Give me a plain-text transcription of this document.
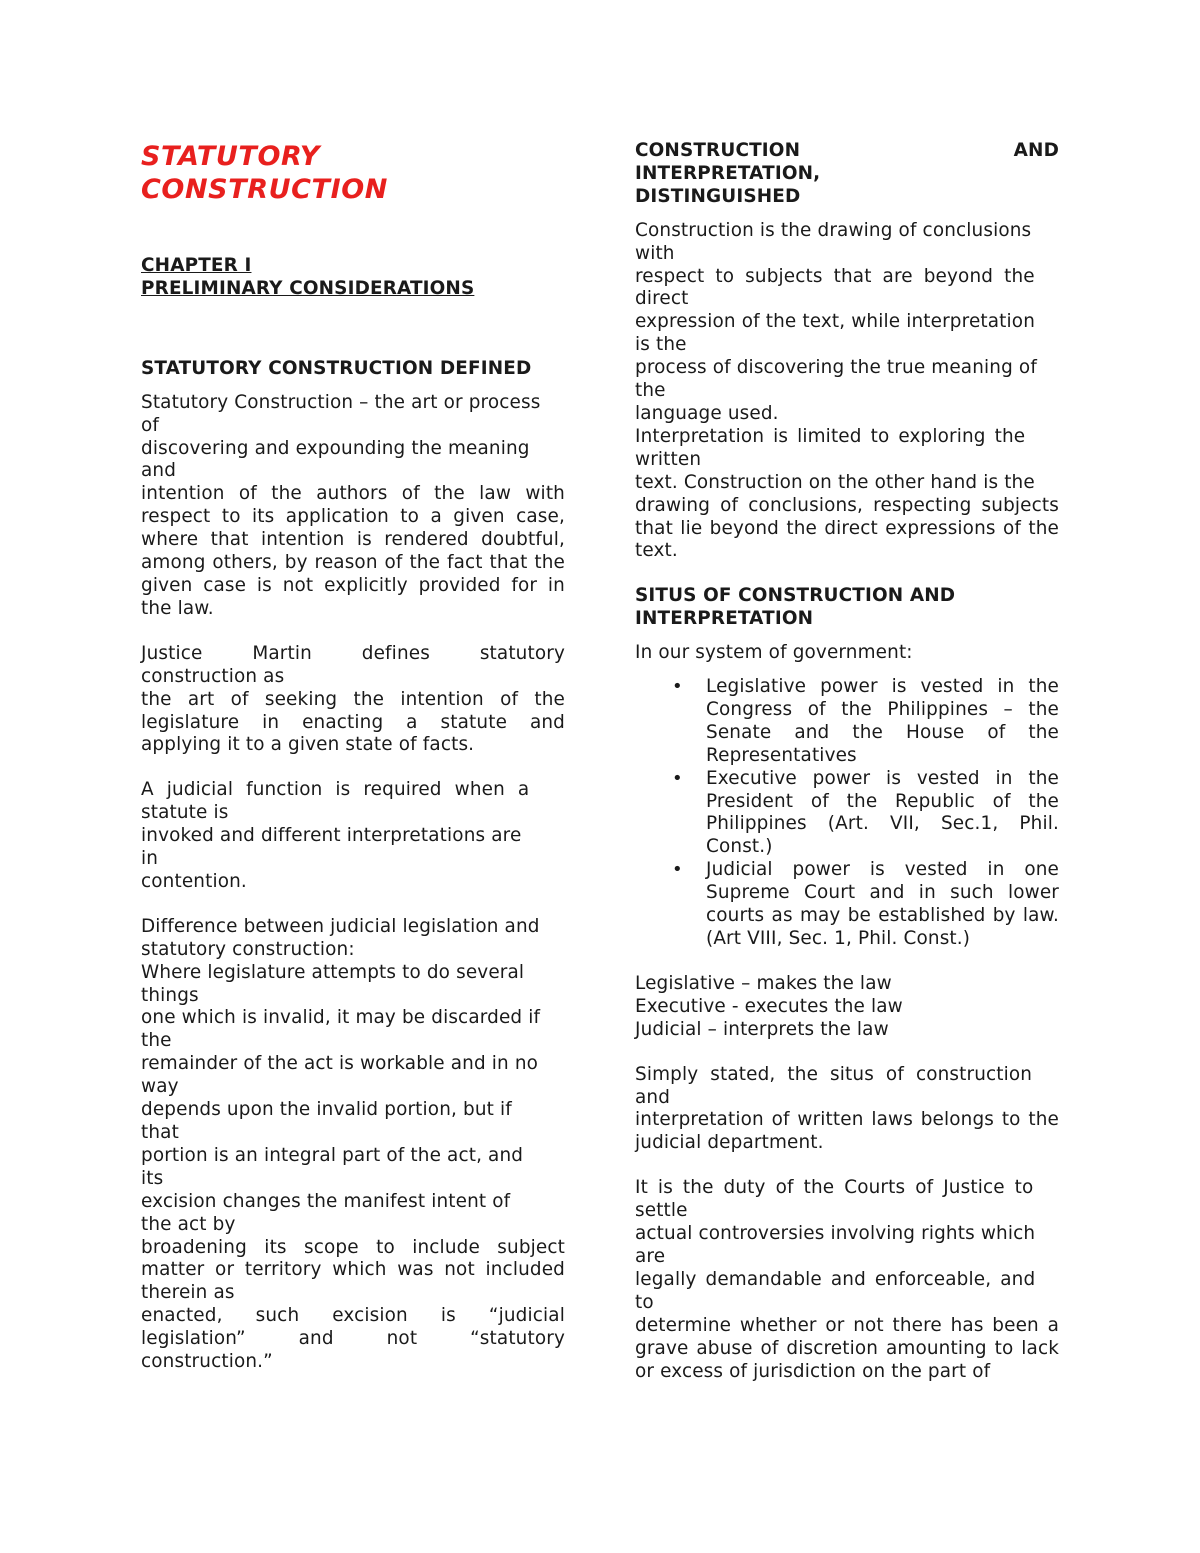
STATUTORY
CONSTRUCTION
CHAPTER I
PRELIMINARY CONSIDERATIONS
STATUTORY CONSTRUCTION DEFINED
Statutory Construction – the art or process
of
discovering and expounding the meaning
and
intention of the authors of the law with respect to its application to a given case, where that intention is rendered doubtful, among others, by reason of the fact that the given case is not explicitly provided for in the law.
Justice	Martin	defines	statutory
construction as
the art of seeking the intention of the legislature in enacting a statute and applying it to a given state of facts.
A judicial function is required when a
statute is
invoked and different interpretations are
in
contention.
Difference between judicial legislation and statutory construction:
Where legislature attempts to do several
things
one which is invalid, it may be discarded if
the
remainder of the act is workable and in no
way
depends upon the invalid portion, but if
that
portion is an integral part of the act, and
its
excision changes the manifest intent of
the act by
broadening its scope to include subject matter or territory which was not included therein as
enacted, such excision is “judicial
legislation”	and	not	“statutory
construction.”
CONSTRUCTION	AND
INTERPRETATION,
DISTINGUISHED
Construction is the drawing of conclusions
with
respect to subjects that are beyond the
direct
expression of the text, while interpretation
is the
process of discovering the true meaning of
the
language used.
Interpretation is limited to exploring the
written
text. Construction on the other hand is the
drawing of conclusions, respecting subjects that lie beyond the direct expressions of the text.
SITUS OF CONSTRUCTION AND INTERPRETATION
In our system of government:
• Legislative power is vested in the Congress of the Philippines – the Senate and the House of the Representatives
• Executive power is vested in the President of the Republic of the Philippines (Art. VII, Sec.1, Phil. Const.)
• Judicial power is vested in one Supreme Court and in such lower courts as may be established by law. (Art VIII, Sec. 1, Phil. Const.)
Legislative – makes the law
Executive - executes the law
Judicial – interprets the law
Simply stated, the situs of construction
and
interpretation of written laws belongs to the judicial department.
It is the duty of the Courts of Justice to
settle
actual controversies involving rights which
are
legally demandable and enforceable, and
to
determine whether or not there has been a grave abuse of discretion amounting to lack or excess of jurisdiction on the part of
